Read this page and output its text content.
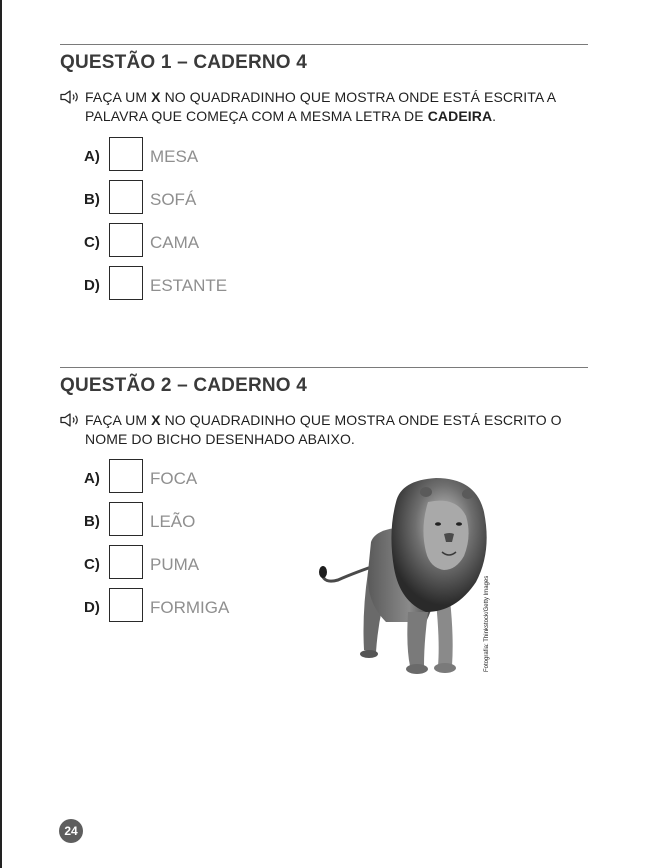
QUESTÃO 1 – CADERNO 4
FAÇA UM X NO QUADRADINHO QUE MOSTRA ONDE ESTÁ ESCRITA A PALAVRA QUE COMEÇA COM A MESMA LETRA DE CADEIRA.
A)	MESA
B)	SOFÁ
C)	CAMA
D)	ESTANTE
QUESTÃO 2 – CADERNO 4
FAÇA UM X NO QUADRADINHO QUE MOSTRA ONDE ESTÁ ESCRITO O NOME DO BICHO DESENHADO ABAIXO.
A)	FOCA
B)	LEÃO
C)	PUMA
D)	FORMIGA	Fotografia: Thinkstock/Getty Images
24
